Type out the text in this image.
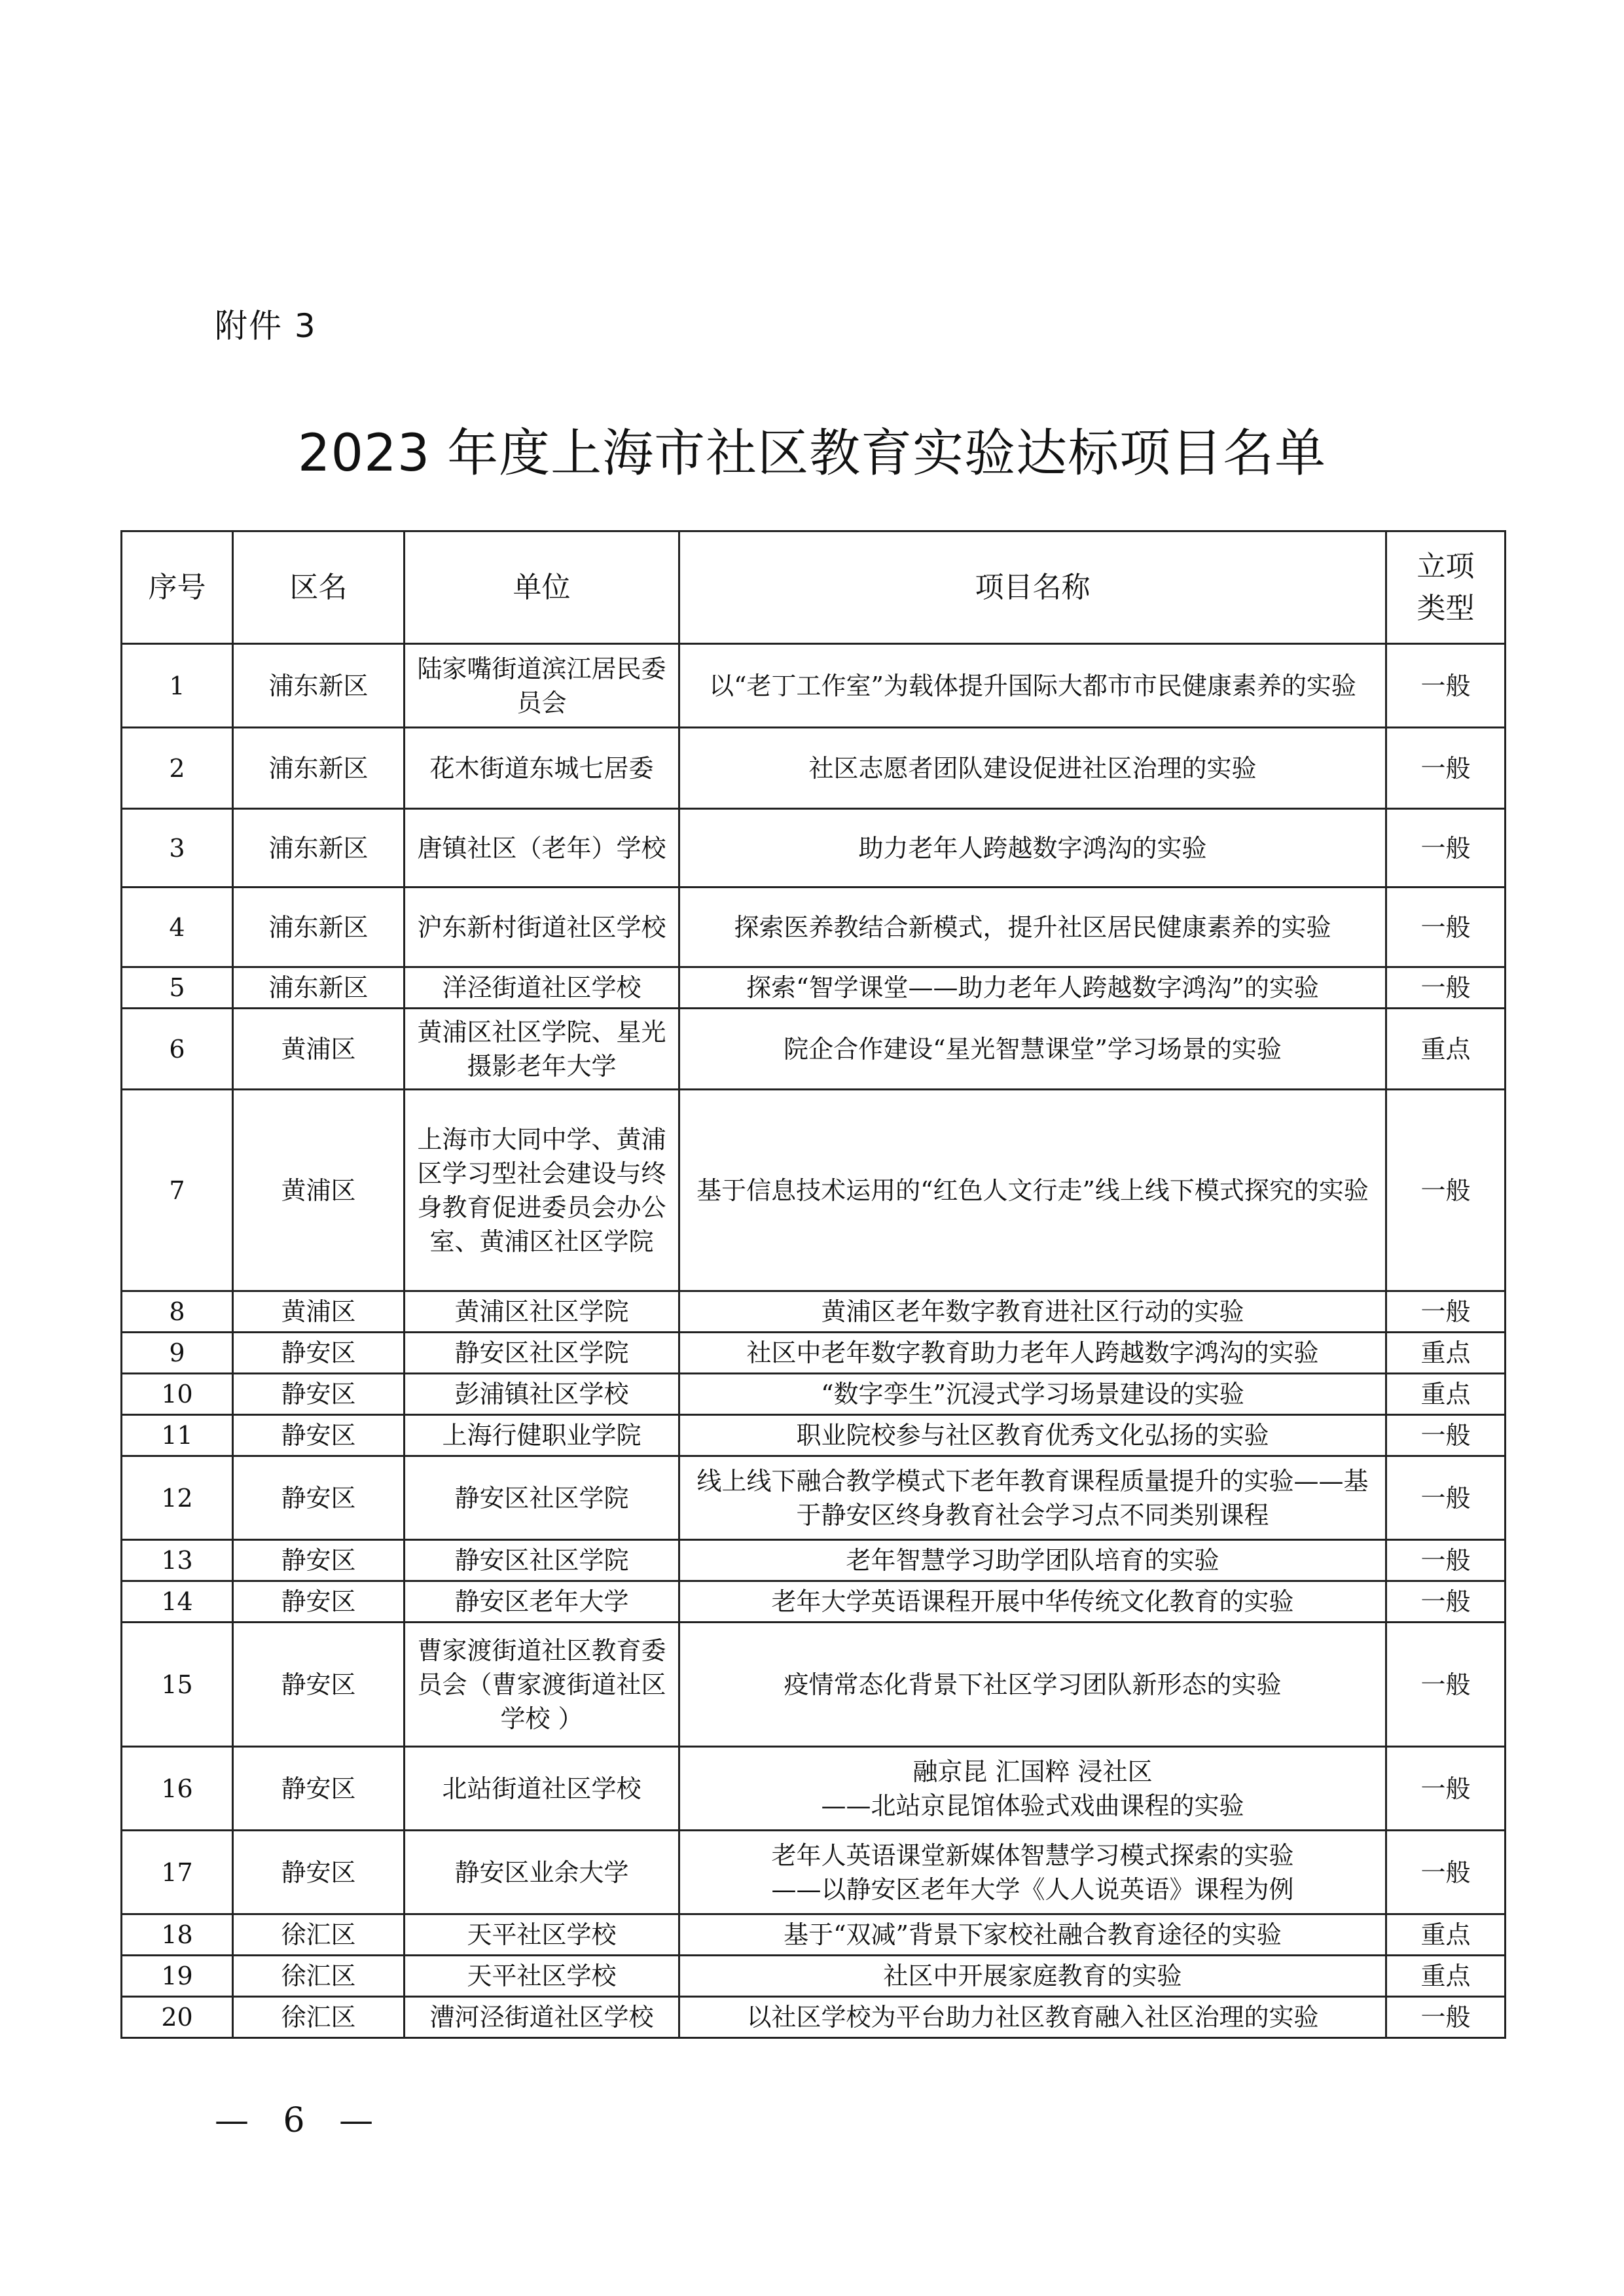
附件 3
2023 年度上海市社区教育实验达标项目名单
序号	区名	单位	项目名称	立项类型
1	浦东新区	陆家嘴街道滨江居民委员会	以“老丁工作室”为载体提升国际大都市市民健康素养的实验	一般
2	浦东新区	花木街道东城七居委	社区志愿者团队建设促进社区治理的实验	一般
3	浦东新区	唐镇社区（老年）学校	助力老年人跨越数字鸿沟的实验	一般
4	浦东新区	沪东新村街道社区学校	探索医养教结合新模式，提升社区居民健康素养的实验	一般
5	浦东新区	洋泾街道社区学校	探索“智学课堂——助力老年人跨越数字鸿沟”的实验	一般
6	黄浦区	黄浦区社区学院、星光摄影老年大学	院企合作建设“星光智慧课堂”学习场景的实验	重点
7	黄浦区	上海市大同中学、黄浦区学习型社会建设与终身教育促进委员会办公室、黄浦区社区学院	基于信息技术运用的“红色人文行走”线上线下模式探究的实验	一般
8	黄浦区	黄浦区社区学院	黄浦区老年数字教育进社区行动的实验	一般
9	静安区	静安区社区学院	社区中老年数字教育助力老年人跨越数字鸿沟的实验	重点
10	静安区	彭浦镇社区学校	“数字孪生”沉浸式学习场景建设的实验	重点
11	静安区	上海行健职业学院	职业院校参与社区教育优秀文化弘扬的实验	一般
12	静安区	静安区社区学院	线上线下融合教学模式下老年教育课程质量提升的实验——基于静安区终身教育社会学习点不同类别课程	一般
13	静安区	静安区社区学院	老年智慧学习助学团队培育的实验	一般
14	静安区	静安区老年大学	老年大学英语课程开展中华传统文化教育的实验	一般
15	静安区	曹家渡街道社区教育委员会（曹家渡街道社区学校 ）	疫情常态化背景下社区学习团队新形态的实验	一般
16	静安区	北站街道社区学校	融京昆 汇国粹 浸社区
——北站京昆馆体验式戏曲课程的实验	一般
17	静安区	静安区业余大学	老年人英语课堂新媒体智慧学习模式探索的实验
——以静安区老年大学《人人说英语》课程为例	一般
18	徐汇区	天平社区学校	基于“双减”背景下家校社融合教育途径的实验	重点
19	徐汇区	天平社区学校	社区中开展家庭教育的实验	重点
20	徐汇区	漕河泾街道社区学校	以社区学校为平台助力社区教育融入社区治理的实验	一般
— 6 —
